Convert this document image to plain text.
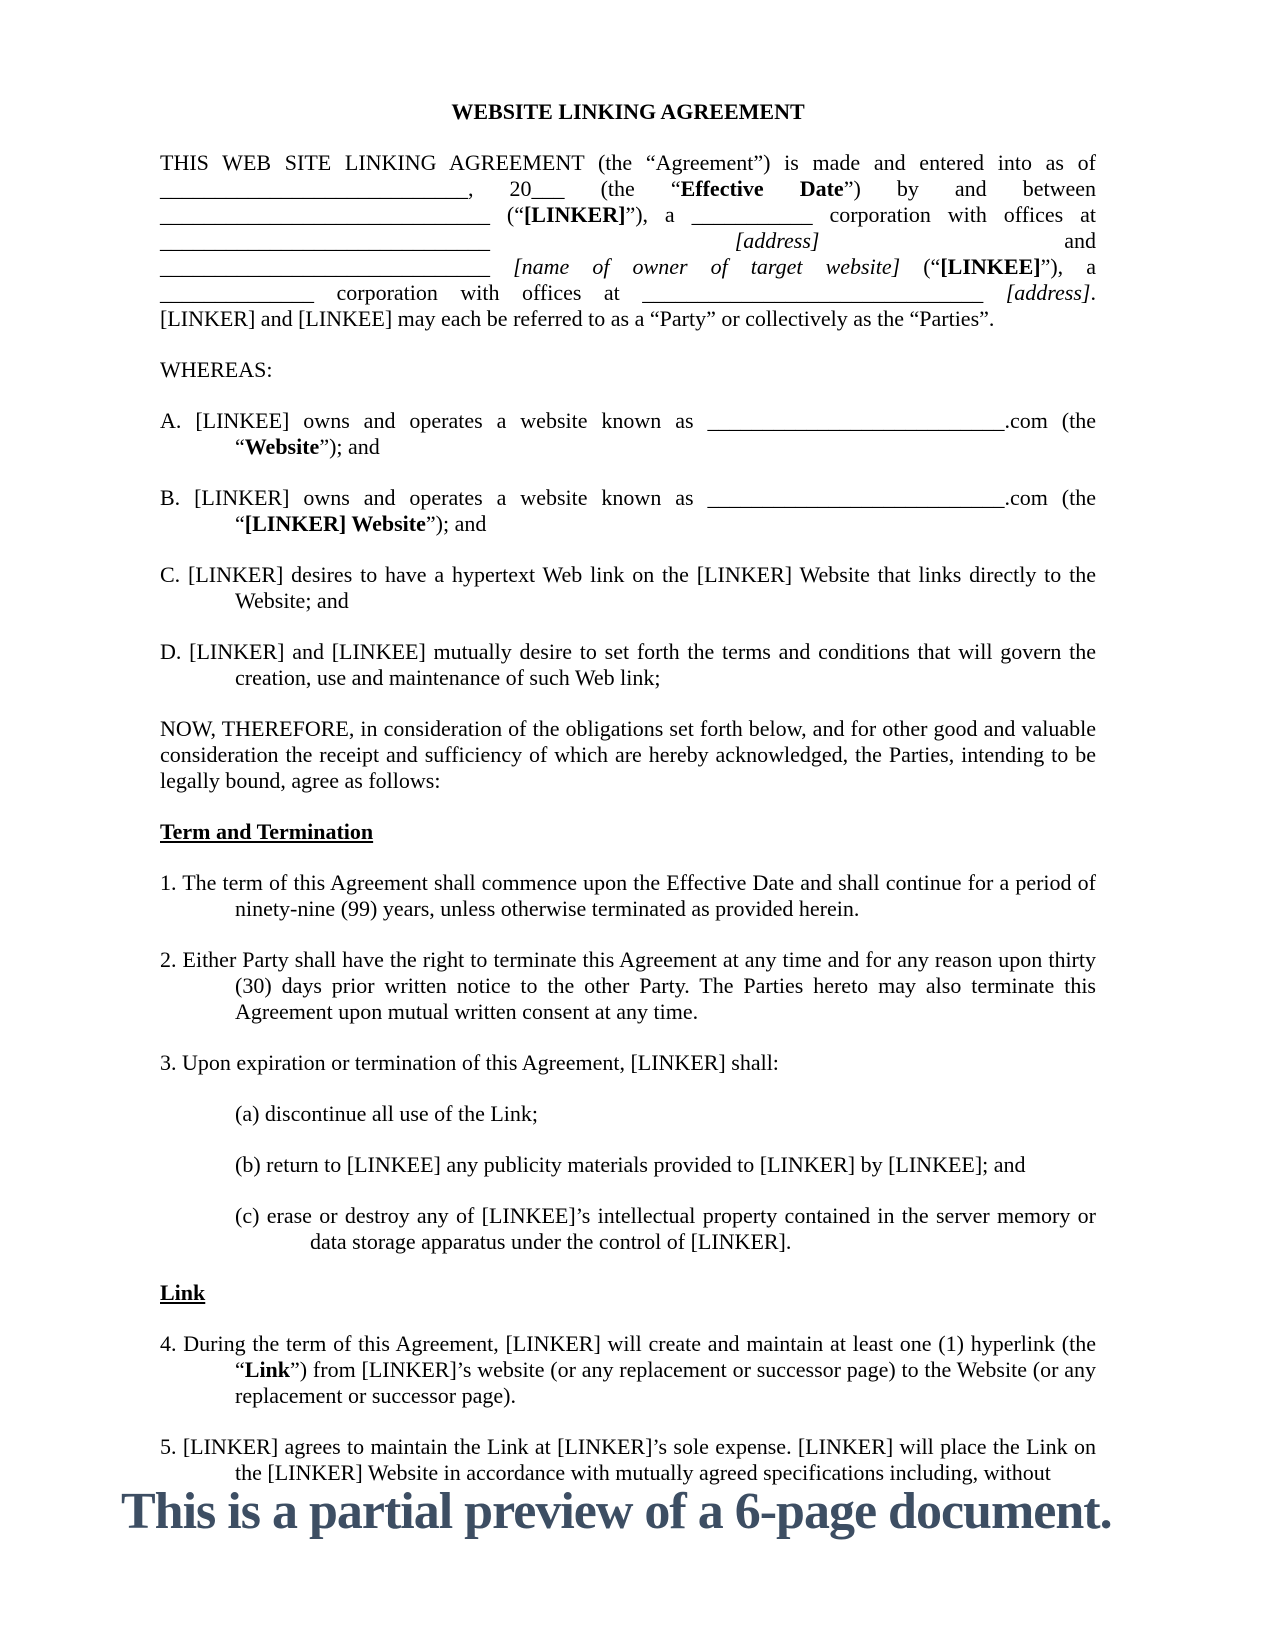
WEBSITE LINKING AGREEMENT
THIS WEB SITE LINKING AGREEMENT (the “Agreement”) is made and entered into as of
____________________________, 20___ (the “Effective Date”) by and between
______________________________ (“[LINKER]”), a ___________ corporation with offices at
______________________________ [address] and
______________________________ [name of owner of target website] (“[LINKEE]”), a
______________ corporation with offices at _______________________________ [address].
[LINKER] and [LINKEE] may each be referred to as a “Party” or collectively as the “Parties”.

WHEREAS:

A. [LINKEE] owns and operates a website known as ___________________________.com (the “Website”); and

B. [LINKER] owns and operates a website known as ___________________________.com (the “[LINKER] Website”); and

C. [LINKER] desires to have a hypertext Web link on the [LINKER] Website that links directly to the Website; and

D. [LINKER] and [LINKEE] mutually desire to set forth the terms and conditions that will govern the creation, use and maintenance of such Web link;

NOW, THEREFORE, in consideration of the obligations set forth below, and for other good and valuable consideration the receipt and sufficiency of which are hereby acknowledged, the Parties, intending to be legally bound, agree as follows:

Term and Termination

1. The term of this Agreement shall commence upon the Effective Date and shall continue for a period of ninety-nine (99) years, unless otherwise terminated as provided herein.

2. Either Party shall have the right to terminate this Agreement at any time and for any reason upon thirty (30) days prior written notice to the other Party. The Parties hereto may also terminate this Agreement upon mutual written consent at any time.

3. Upon expiration or termination of this Agreement, [LINKER] shall:

(a) discontinue all use of the Link;

(b) return to [LINKEE] any publicity materials provided to [LINKER] by [LINKEE]; and

(c) erase or destroy any of [LINKEE]’s intellectual property contained in the server memory or data storage apparatus under the control of [LINKER].

Link

4. During the term of this Agreement, [LINKER] will create and maintain at least one (1) hyperlink (the “Link”) from [LINKER]’s website (or any replacement or successor page) to the Website (or any replacement or successor page).

5. [LINKER] agrees to maintain the Link at [LINKER]’s sole expense. [LINKER] will place the Link on the [LINKER] Website in accordance with mutually agreed specifications including, without

This is a partial preview of a 6-page document.
